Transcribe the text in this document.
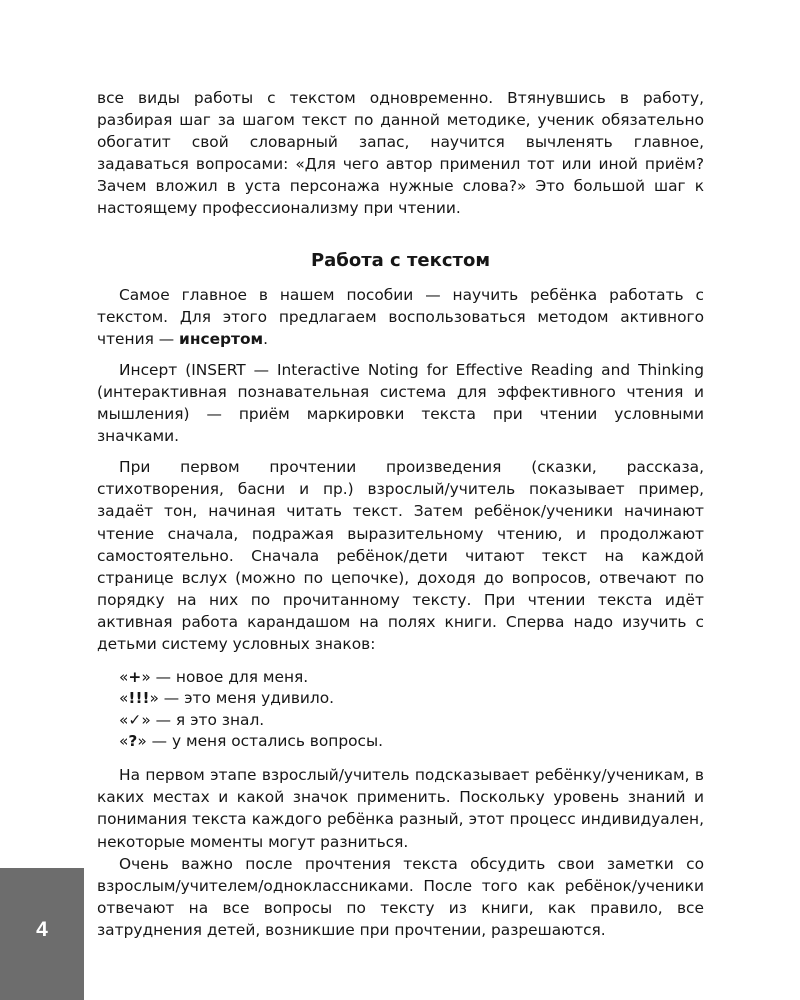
все виды работы с текстом одновременно. Втянувшись в работу, разбирая шаг за шагом текст по данной методике, ученик обязательно обогатит свой словарный запас, научится вычленять главное, задаваться вопросами: «Для чего автор применил тот или иной приём? Зачем вложил в уста персонажа нужные слова?» Это большой шаг к настоящему профессионализму при чтении.

Работа с текстом

Самое главное в нашем пособии — научить ребёнка работать с текстом. Для этого предлагаем воспользоваться методом активного чтения — инсертом.

Инсерт (INSERT — Interactive Noting for Effective Reading and Thinking (интерактивная познавательная система для эффективного чтения и мышления) — приём маркировки текста при чтении условными значками.

При первом прочтении произведения (сказки, рассказа, стихотворения, басни и пр.) взрослый/учитель показывает пример, задаёт тон, начиная читать текст. Затем ребёнок/ученики начинают чтение сначала, подражая выразительному чтению, и продолжают самостоятельно. Сначала ребёнок/дети читают текст на каждой странице вслух (можно по цепочке), доходя до вопросов, отвечают по порядку на них по прочитанному тексту. При чтении текста идёт активная работа карандашом на полях книги. Сперва надо изучить с детьми систему условных знаков:

«+» — новое для меня.
«!!!» — это меня удивило.
«✓» — я это знал.
«?» — у меня остались вопросы.

На первом этапе взрослый/учитель подсказывает ребёнку/ученикам, в каких местах и какой значок применить. Поскольку уровень знаний и понимания текста каждого ребёнка разный, этот процесс индивидуален, некоторые моменты могут разниться.

Очень важно после прочтения текста обсудить свои заметки со взрослым/учителем/одноклассниками. После того как ребёнок/ученики отвечают на все вопросы по тексту из книги, как правило, все затруднения детей, возникшие при прочтении, разрешаются.

4
